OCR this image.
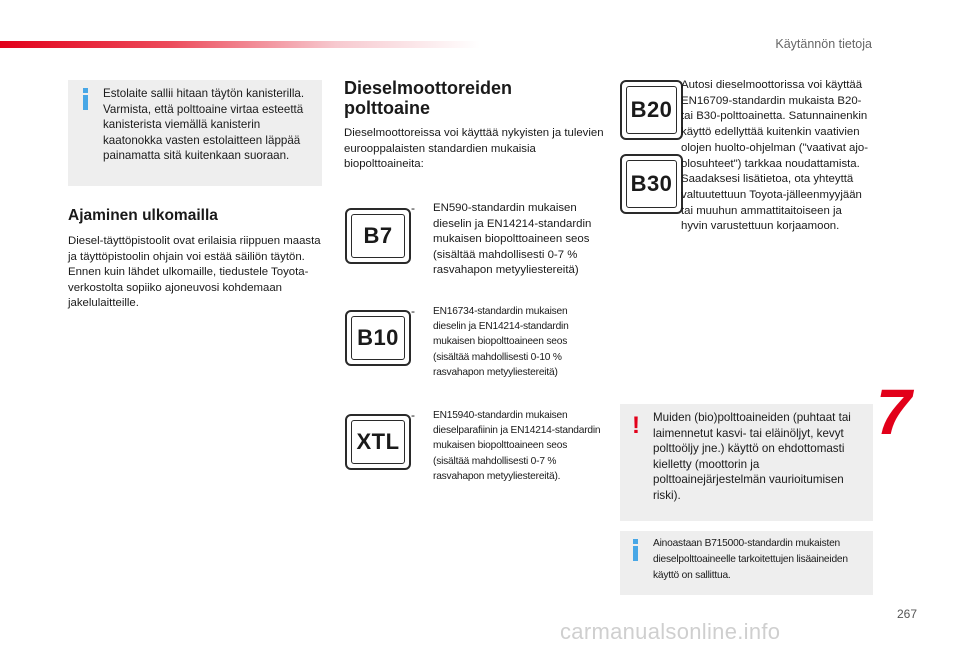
Käytännön tietoja

Estolaite sallii hitaan täytön kanisterilla. Varmista, että polttoaine virtaa esteettä kanisterista viemällä kanisterin kaatonokka vasten estolaitteen läppää painamatta sitä kuitenkaan suoraan.

Ajaminen ulkomailla

Diesel-täyttöpistoolit ovat erilaisia riippuen maasta ja täyttöpistoolin ohjain voi estää säiliön täytön.
Ennen kuin lähdet ulkomaille, tiedustele Toyota-verkostolta sopiiko ajoneuvosi kohdemaan jakelulaitteille.

Dieselmoottoreiden polttoaine

Dieselmoottoreissa voi käyttää nykyisten ja tulevien eurooppalaisten standardien mukaisia biopolttoaineita:

B7
- EN590-standardin mukaisen dieselin ja EN14214-standardin mukaisen biopolttoaineen seos (sisältää mahdollisesti 0-7 % rasvahapon metyyliestereitä)

B10
- EN16734-standardin mukaisen dieselin ja EN14214-standardin mukaisen biopolttoaineen seos (sisältää mahdollisesti 0-10 % rasvahapon metyyliestereitä)

XTL
- EN15940-standardin mukaisen dieselparafiinin ja EN14214-standardin mukaisen biopolttoaineen seos (sisältää mahdollisesti 0-7 % rasvahapon metyyliestereitä).

B20
B30

Autosi dieselmoottorissa voi käyttää EN16709-standardin mukaista B20- tai B30-polttoainetta. Satunnainenkin käyttö edellyttää kuitenkin vaativien olojen huolto-ohjelman ("vaativat ajo-olosuhteet") tarkkaa noudattamista. Saadaksesi lisätietoa, ota yhteyttä valtuutettuun Toyota-jälleenmyyjään tai muuhun ammattitaitoiseen ja hyvin varustettuun korjaamoon.

! Muiden (bio)polttoaineiden (puhtaat tai laimennetut kasvi- tai eläinöljyt, kevyt polttoöljy jne.) käyttö on ehdottomasti kielletty (moottorin ja polttoainejärjestelmän vaurioitumisen riski).

Ainoastaan B715000-standardin mukaisten dieselpolttoaineelle tarkoitettujen lisäaineiden käyttö on sallittua.

7
267
carmanualsonline.info
